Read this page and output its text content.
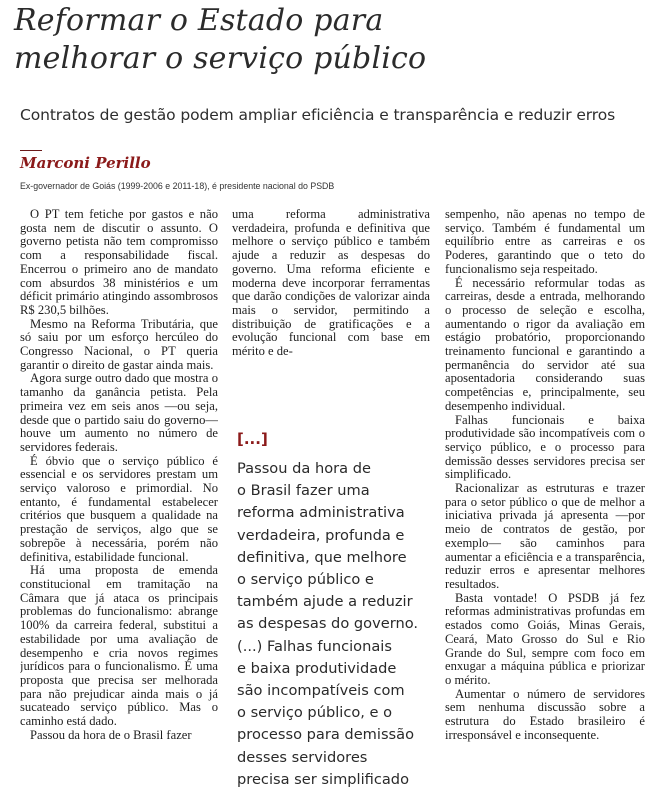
Reformar o Estado para
melhorar o serviço público
Contratos de gestão podem ampliar eficiência e transparência e reduzir erros
Marconi Perillo
Ex-governador de Goiás (1999-2006 e 2011-18), é presidente nacional do PSDB

O PT tem fetiche por gastos e não gosta nem de discutir o assunto. O governo petista não tem compromisso com a responsabilidade fiscal. Encerrou o primeiro ano de mandato com absurdos 38 ministérios e um déficit primário atingindo assombrosos R$ 230,5 bilhões.

Mesmo na Reforma Tributária, que só saiu por um esforço hercúleo do Congresso Nacional, o PT queria garantir o direito de gastar ainda mais.

Agora surge outro dado que mostra o tamanho da ganância petista. Pela primeira vez em seis anos —ou seja, desde que o partido saiu do governo— houve um aumento no número de servidores federais.

É óbvio que o serviço público é essencial e os servidores prestam um serviço valoroso e primordial. No entanto, é fundamental estabelecer critérios que busquem a qualidade na prestação de serviços, algo que se sobrepõe à necessária, porém não definitiva, estabilidade funcional.

Há uma proposta de emenda constitucional em tramitação na Câmara que já ataca os principais problemas do funcionalismo: abrange 100% da carreira federal, substitui a estabilidade por uma avaliação de desempenho e cria novos regimes jurídicos para o funcionalismo. É uma proposta que precisa ser melhorada para não prejudicar ainda mais o já sucateado serviço público. Mas o caminho está dado.

Passou da hora de o Brasil fazer

uma reforma administrativa verdadeira, profunda e definitiva que melhore o serviço público e também ajude a reduzir as despesas do governo. Uma reforma eficiente e moderna deve incorporar ferramentas que darão condições de valorizar ainda mais o servidor, permitindo a distribuição de gratificações e a evolução funcional com base em mérito e de-

[...]
Passou da hora de
o Brasil fazer uma
reforma administrativa
verdadeira, profunda e
definitiva, que melhore
o serviço público e
também ajude a reduzir
as despesas do governo.
(...) Falhas funcionais
e baixa produtividade
são incompatíveis com
o serviço público, e o
processo para demissão
desses servidores
precisa ser simplificado

sempenho, não apenas no tempo de serviço. Também é fundamental um equilíbrio entre as carreiras e os Poderes, garantindo que o teto do funcionalismo seja respeitado.

É necessário reformular todas as carreiras, desde a entrada, melhorando o processo de seleção e escolha, aumentando o rigor da avaliação em estágio probatório, proporcionando treinamento funcional e garantindo a permanência do servidor até sua aposentadoria considerando suas competências e, principalmente, seu desempenho individual.

Falhas funcionais e baixa produtividade são incompatíveis com o serviço público, e o processo para demissão desses servidores precisa ser simplificado.

Racionalizar as estruturas e trazer para o setor público o que de melhor a iniciativa privada já apresenta —por meio de contratos de gestão, por exemplo— são caminhos para aumentar a eficiência e a transparência, reduzir erros e apresentar melhores resultados.

Basta vontade! O PSDB já fez reformas administrativas profundas em estados como Goiás, Minas Gerais, Ceará, Mato Grosso do Sul e Rio Grande do Sul, sempre com foco em enxugar a máquina pública e priorizar o mérito.

Aumentar o número de servidores sem nenhuma discussão sobre a estrutura do Estado brasileiro é irresponsável e inconsequente.
